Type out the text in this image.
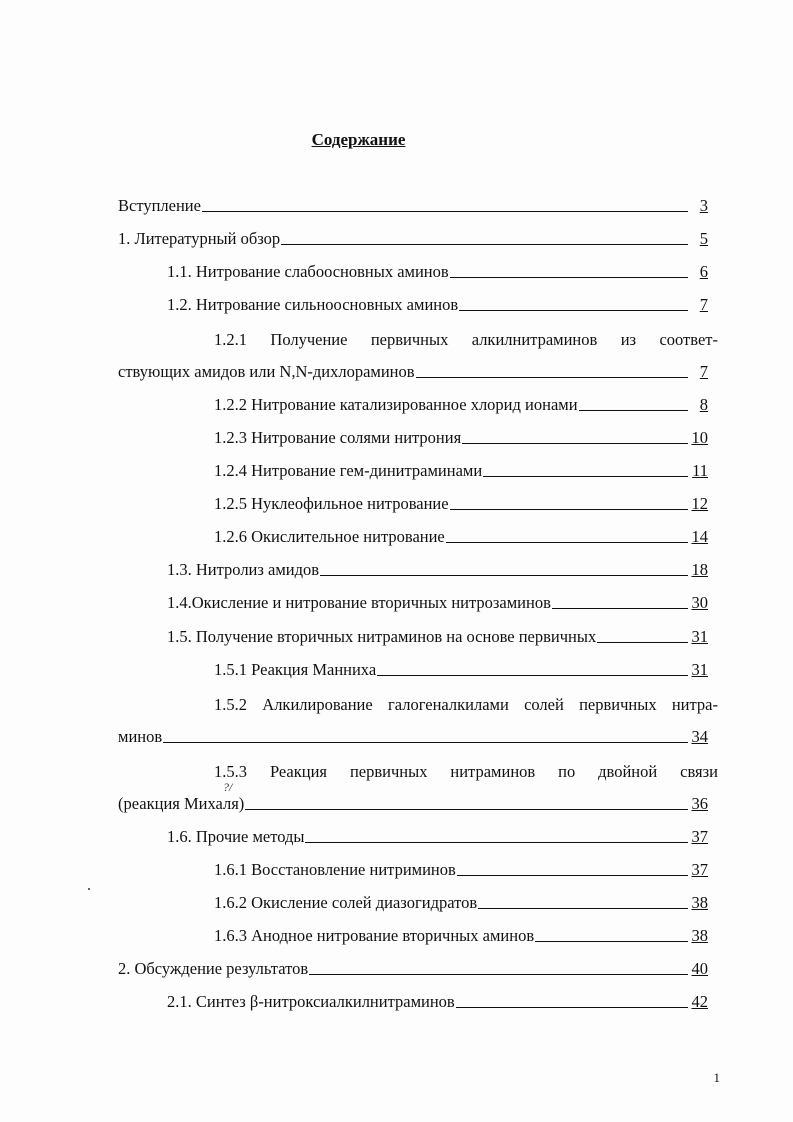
Содержание
Вступление	3
1. Литературный обзор	5
1.1. Нитрование слабоосновных аминов	6
1.2. Нитрование сильноосновных аминов	7
1.2.1 Получение первичных алкилнитраминов из соответ-
ствующих амидов или N,N-дихлораминов	7
1.2.2 Нитрование катализированное хлорид ионами	8
1.2.3 Нитрование солями нитрония	10
1.2.4 Нитрование гем-динитраминами	11
1.2.5 Нуклеофильное нитрование	12
1.2.6 Окислительное нитрование	14
1.3. Нитролиз амидов	18
1.4.Окисление и нитрование вторичных нитрозаминов	30
1.5. Получение вторичных нитраминов на основе первичных	31
1.5.1 Реакция Манниха	31
1.5.2 Алкилирование галогеналкилами солей первичных нитра-
минов	34
1.5.3 Реакция первичных нитраминов по двойной связи
?/
(реакция Михаля)	36
1.6. Прочие методы	37
1.6.1 Восстановление нитриминов	37
1.6.2 Окисление солей диазогидратов	38
1.6.3 Анодное нитрование вторичных аминов	38
2. Обсуждение результатов	40
2.1. Синтез β-нитроксиалкилнитраминов	42
1
